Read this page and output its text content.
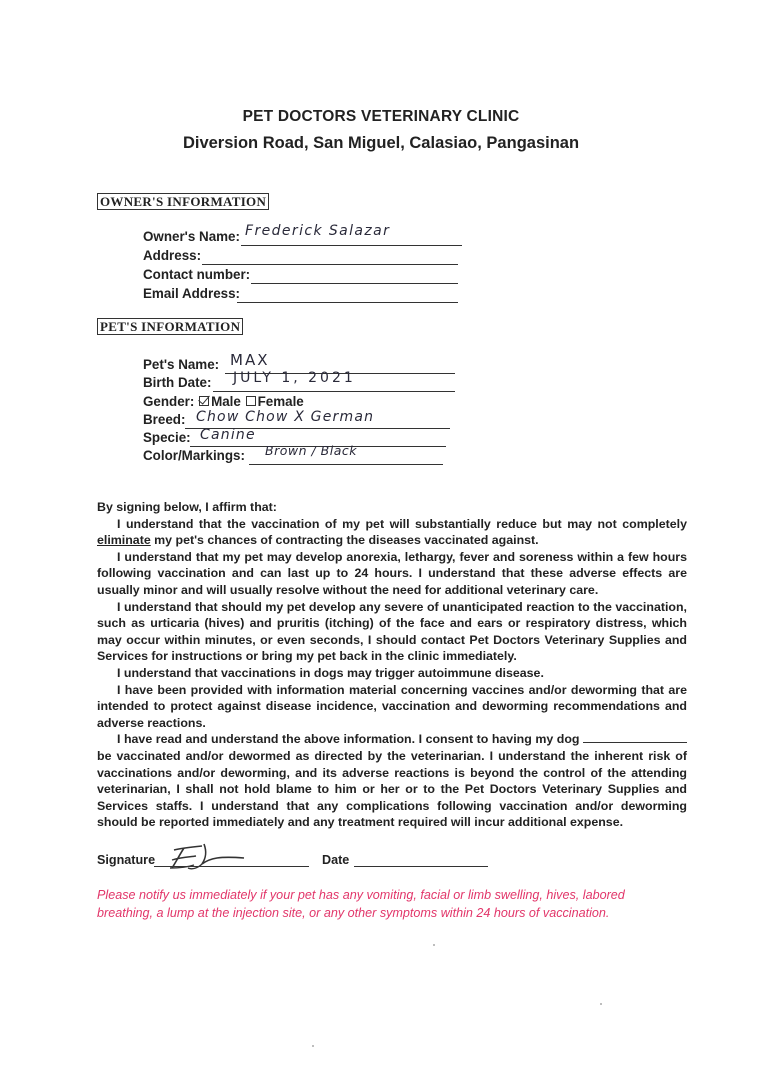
PET DOCTORS VETERINARY CLINIC
Diversion Road, San Miguel, Calasiao, Pangasinan
OWNER'S INFORMATION
Owner's Name: Frederick Salazar
Address:
Contact number:
Email Address:
PET'S INFORMATION
Pet's Name: MAX
Birth Date: JULY 1, 2021
Gender: Male Female
Breed: Chow Chow X German
Specie: Canine
Color/Markings: Brown / Black

By signing below, I affirm that:

I understand that the vaccination of my pet will substantially reduce but may not completely eliminate my pet's chances of contracting the diseases vaccinated against.

I understand that my pet may develop anorexia, lethargy, fever and soreness within a few hours following vaccination and can last up to 24 hours. I understand that these adverse effects are usually minor and will usually resolve without the need for additional veterinary care.

I understand that should my pet develop any severe of unanticipated reaction to the vaccination, such as urticaria (hives) and pruritis (itching) of the face and ears or respiratory distress, which may occur within minutes, or even seconds, I should contact Pet Doctors Veterinary Supplies and Services for instructions or bring my pet back in the clinic immediately.

I understand that vaccinations in dogs may trigger autoimmune disease.

I have been provided with information material concerning vaccines and/or deworming that are intended to protect against disease incidence, vaccination and deworming recommendations and adverse reactions.

I have read and understand the above information. I consent to having my dog  be vaccinated and/or dewormed as directed by the veterinarian. I understand the inherent risk of vaccinations and/or deworming, and its adverse reactions is beyond the control of the attending veterinarian, I shall not hold blame to him or her or to the Pet Doctors Veterinary Supplies and Services staffs. I understand that any complications following vaccination and/or deworming should be reported immediately and any treatment required will incur additional expense.

Signature	Date
Please notify us immediately if your pet has any vomiting, facial or limb swelling, hives, labored breathing, a lump at the injection site, or any other symptoms within 24 hours of vaccination.
